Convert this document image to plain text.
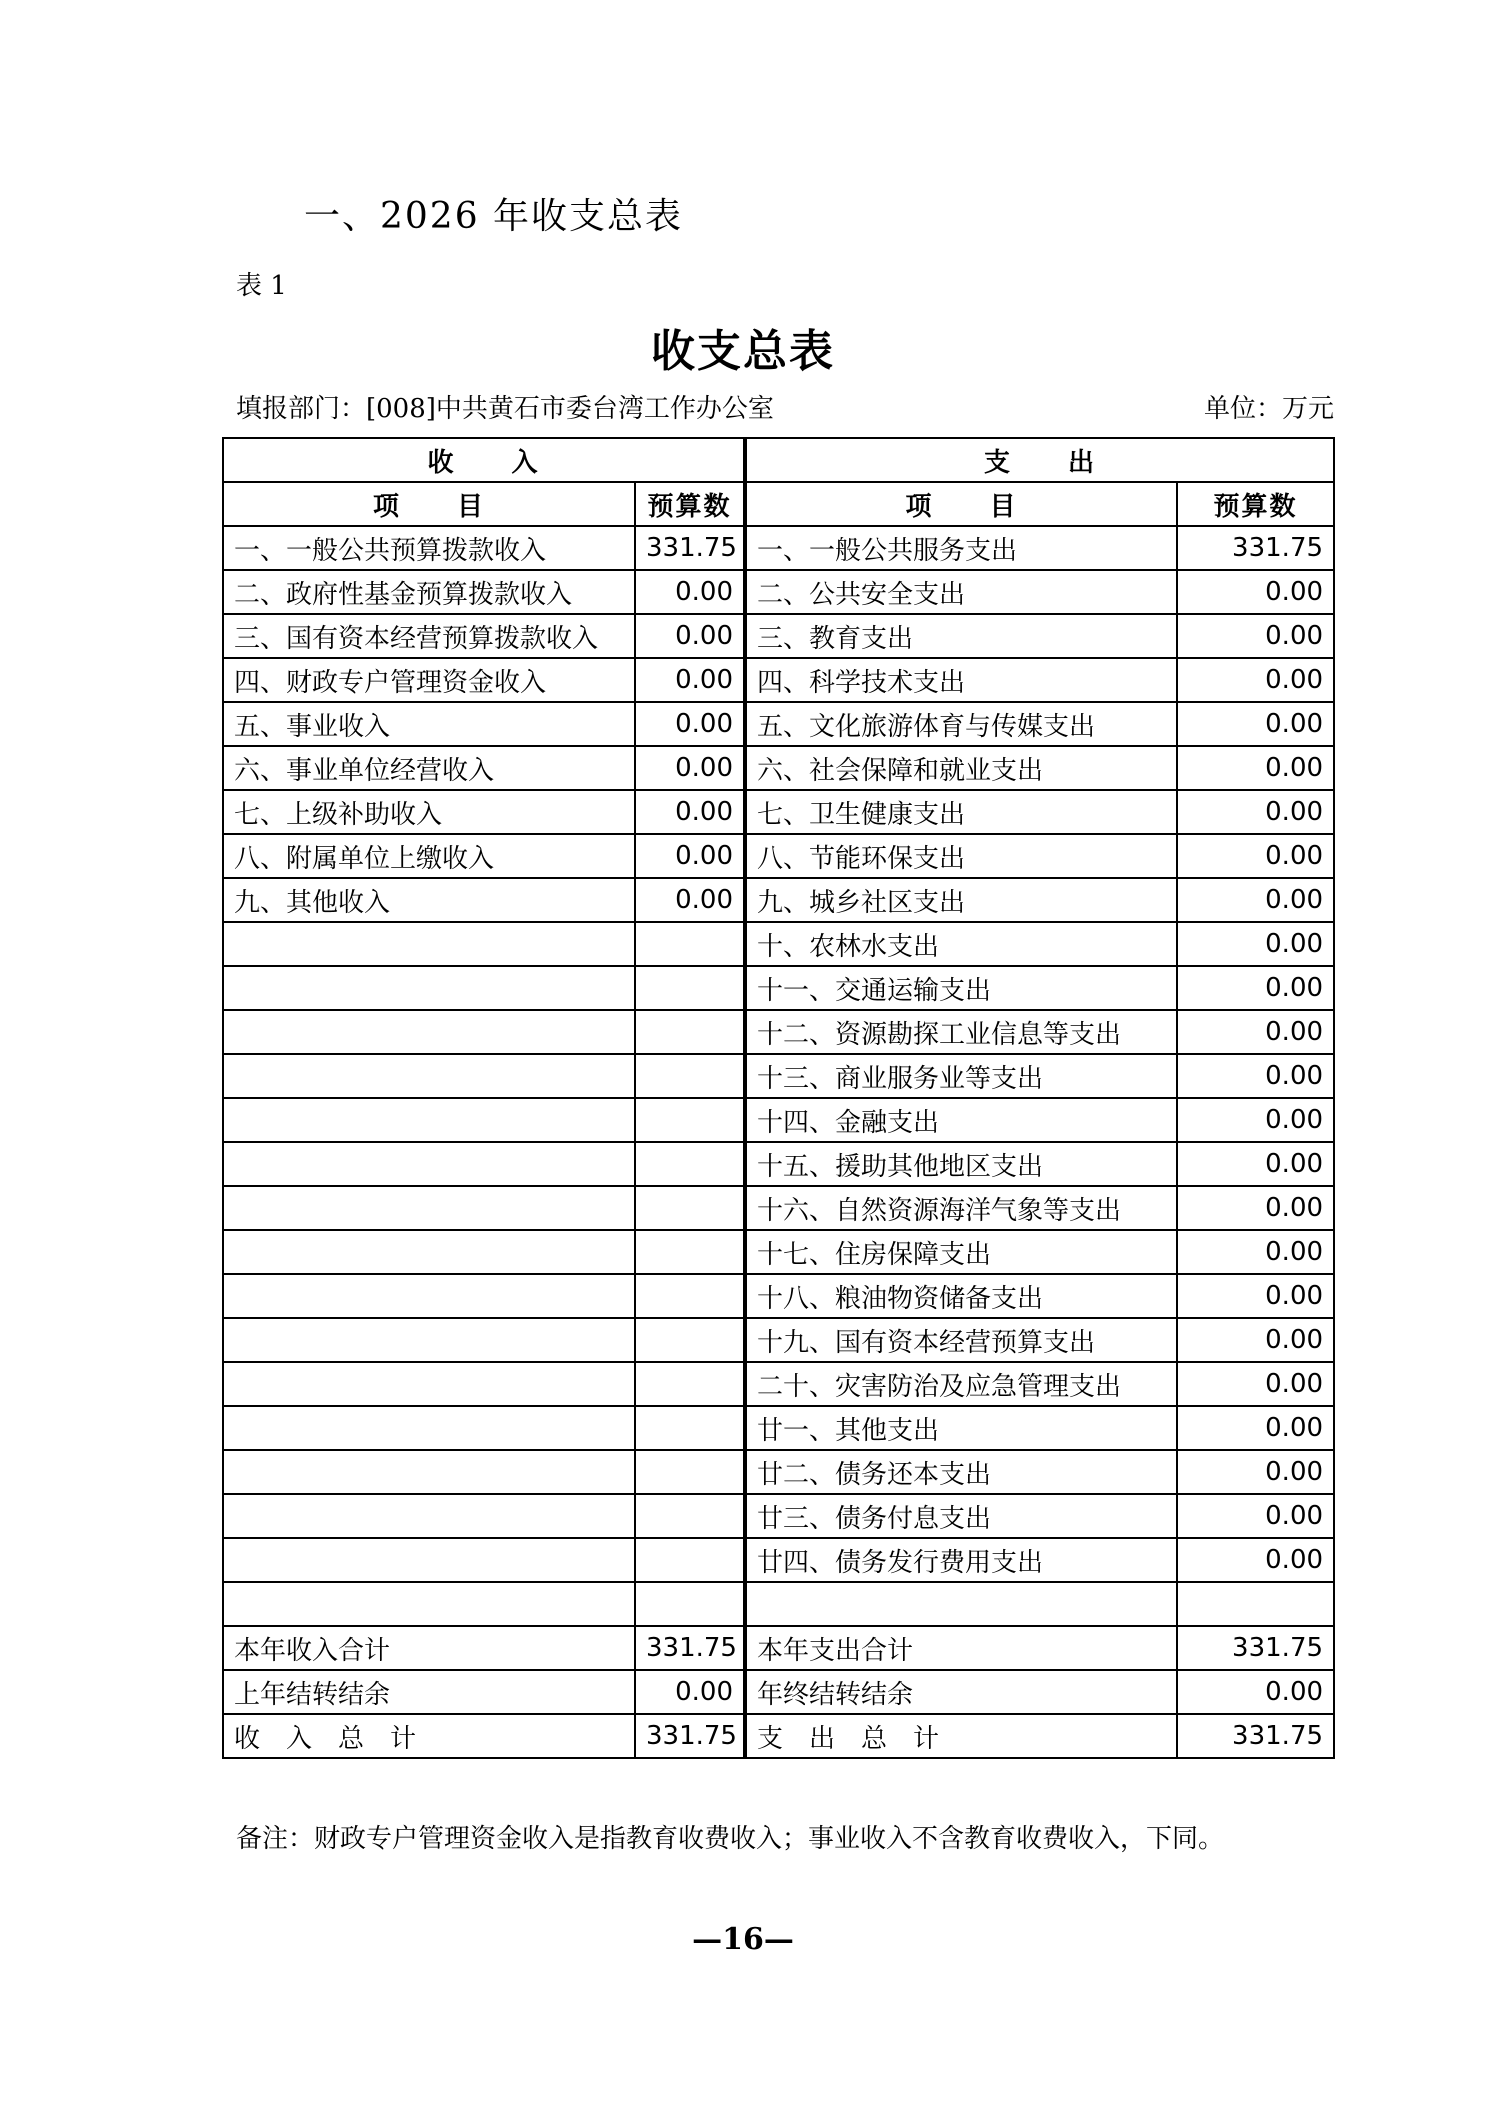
一、2026 年收支总表
表 1
收支总表
填报部门：[008]中共黄石市委台湾工作办公室	单位：万元
收　　入		支　　出	
项　　目	预算数	项　　目	预算数
一、一般公共预算拨款收入	331.75	一、一般公共服务支出	331.75
二、政府性基金预算拨款收入	0.00	二、公共安全支出	0.00
三、国有资本经营预算拨款收入	0.00	三、教育支出	0.00
四、财政专户管理资金收入	0.00	四、科学技术支出	0.00
五、事业收入	0.00	五、文化旅游体育与传媒支出	0.00
六、事业单位经营收入	0.00	六、社会保障和就业支出	0.00
七、上级补助收入	0.00	七、卫生健康支出	0.00
八、附属单位上缴收入	0.00	八、节能环保支出	0.00
九、其他收入	0.00	九、城乡社区支出	0.00
		十、农林水支出	0.00
		十一、交通运输支出	0.00
		十二、资源勘探工业信息等支出	0.00
		十三、商业服务业等支出	0.00
		十四、金融支出	0.00
		十五、援助其他地区支出	0.00
		十六、自然资源海洋气象等支出	0.00
		十七、住房保障支出	0.00
		十八、粮油物资储备支出	0.00
		十九、国有资本经营预算支出	0.00
		二十、灾害防治及应急管理支出	0.00
		廿一、其他支出	0.00
		廿二、债务还本支出	0.00
		廿三、债务付息支出	0.00
		廿四、债务发行费用支出	0.00

本年收入合计	331.75	本年支出合计	331.75
上年结转结余	0.00	年终结转结余	0.00
收入总计	331.75	支出总计	331.75
备注：财政专户管理资金收入是指教育收费收入；事业收入不含教育收费收入，下同。
—16—
